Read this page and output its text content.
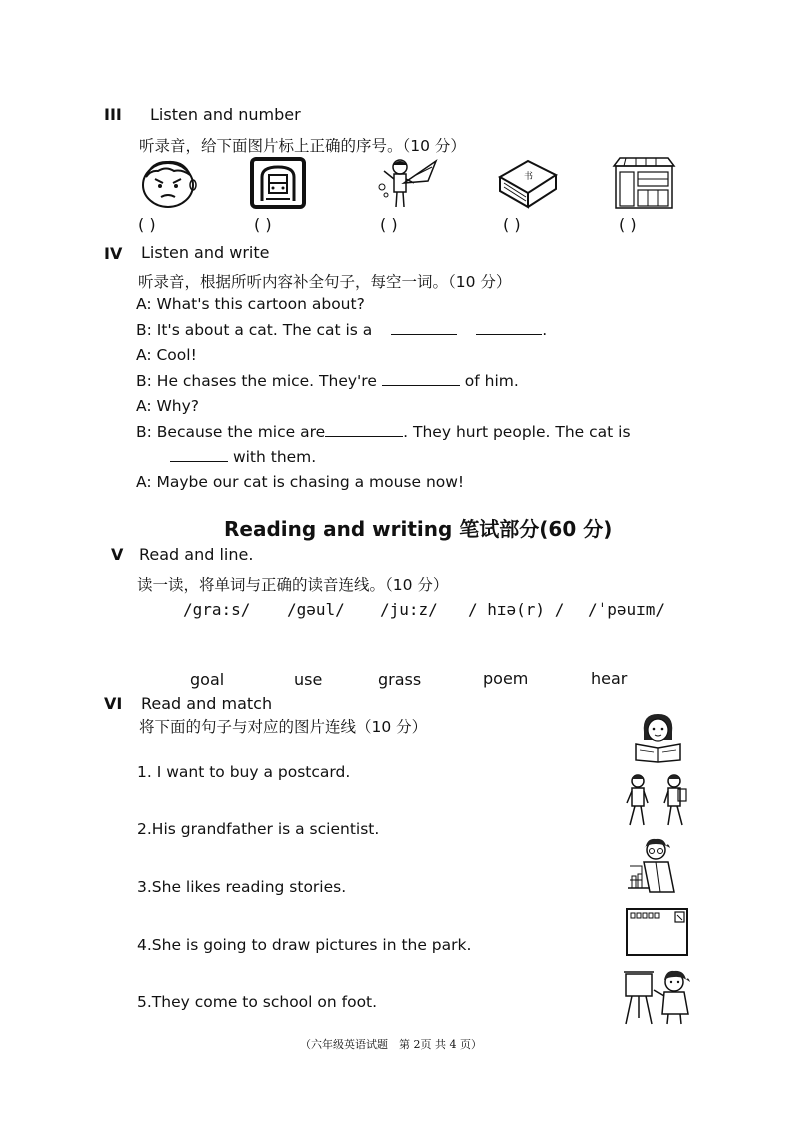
III Listen and number
听录音，给下面图片标上正确的序号。（10 分）
书
( )	( )	( )	( )	( )
IV Listen and write
听录音，根据所听内容补全句子，每空一词。（10 分）
A: What's this cartoon about?
B: It's about a cat. The cat is a	.
A: Cool!
B: He chases the mice. They're	of him.
A: Why?
B: Because the mice are	. They hurt people. The cat is
with them.
A: Maybe our cat is chasing a mouse now!
Reading and writing 笔试部分(60 分)
V Read and line.
读一读，将单词与正确的读音连线。（10 分）
/gra:s/ /gəul/ /ju:z/ / hɪə(r) / /ˈpəuɪm/
goal	use	grass	poem	hear
VI Read and match
将下面的句子与对应的图片连线（10 分）
1. I want to buy a postcard.
2.His grandfather is a scientist.
3.She likes reading stories.
4.She is going to draw pictures in the park.
5.They come to school on foot.
（六年级英语试题　第 2页 共 4 页）
